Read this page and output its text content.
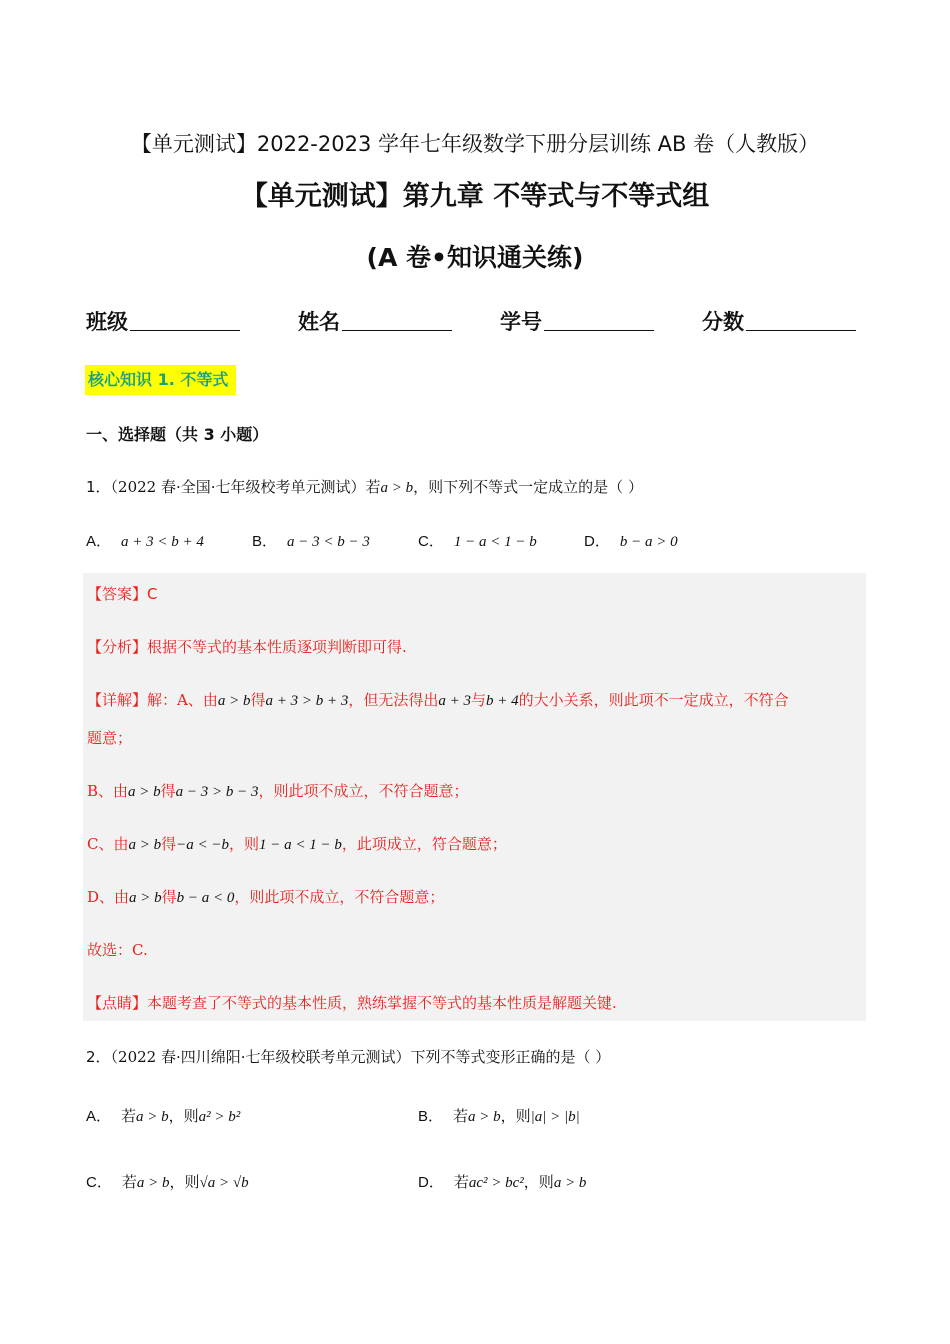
【单元测试】2022-2023 学年七年级数学下册分层训练 AB 卷（人教版）
【单元测试】第九章 不等式与不等式组
(A 卷•知识通关练)
班级	姓名	学号	分数
核心知识 1. 不等式
一、选择题（共 3 小题）
1．（2022 春·全国·七年级校考单元测试）若a > b，则下列不等式一定成立的是（ ）
A． a + 3 < b + 4	B． a − 3 < b − 3	C． 1 − a < 1 − b	D． b − a > 0
【答案】C
【分析】根据不等式的基本性质逐项判断即可得.
【详解】解：A、由a > b得a + 3 > b + 3，但无法得出a + 3与b + 4的大小关系，则此项不一定成立，不符合
题意；
B、由a > b得a − 3 > b − 3，则此项不成立，不符合题意；
C、由a > b得−a < −b，则1 − a < 1 − b，此项成立，符合题意；
D、由a > b得b − a < 0，则此项不成立，不符合题意；
故选：C.
【点睛】本题考查了不等式的基本性质，熟练掌握不等式的基本性质是解题关键.
2．（2022 春·四川绵阳·七年级校联考单元测试）下列不等式变形正确的是（ ）
A． 若a > b，则a² > b²	B． 若a > b，则|a| > |b|
C． 若a > b，则√a > √b	D． 若ac² > bc²，则a > b
